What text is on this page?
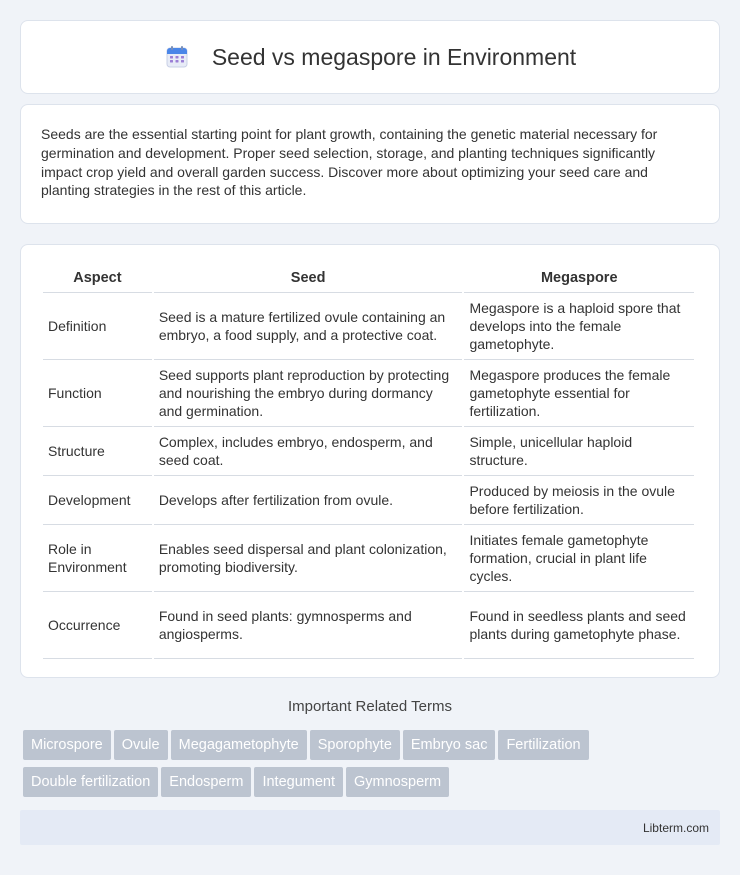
Seed vs megaspore in Environment

Seeds are the essential starting point for plant growth, containing the genetic material necessary for germination and development. Proper seed selection, storage, and planting techniques significantly impact crop yield and overall garden success. Discover more about optimizing your seed care and planting strategies in the rest of this article.

Aspect	Seed	Megaspore
Definition	Seed is a mature fertilized ovule containing an embryo, a food supply, and a protective coat.	Megaspore is a haploid spore that develops into the female gametophyte.
Function	Seed supports plant reproduction by protecting and nourishing the embryo during dormancy and germination.	Megaspore produces the female gametophyte essential for fertilization.
Structure	Complex, includes embryo, endosperm, and seed coat.	Simple, unicellular haploid structure.
Development	Develops after fertilization from ovule.	Produced by meiosis in the ovule before fertilization.
Role in Environment	Enables seed dispersal and plant colonization, promoting biodiversity.	Initiates female gametophyte formation, crucial in plant life cycles.
Occurrence	Found in seed plants: gymnosperms and angiosperms.	Found in seedless plants and seed plants during gametophyte phase.
Important Related Terms
Microspore Ovule Megagametophyte Sporophyte Embryo sac Fertilization
Double fertilization Endosperm Integument Gymnosperm
Libterm.com
